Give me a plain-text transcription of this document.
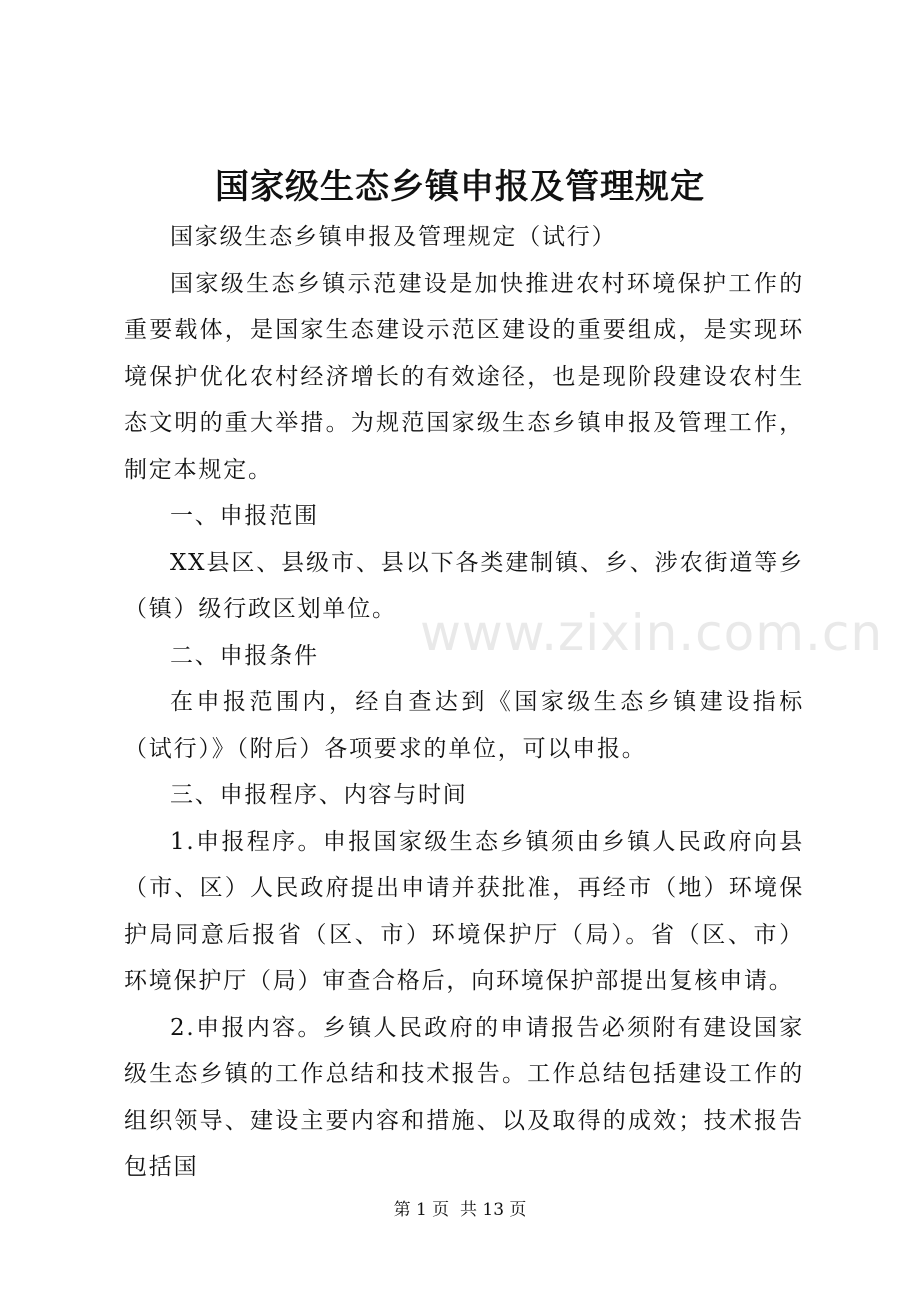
国家级生态乡镇申报及管理规定

国家级生态乡镇申报及管理规定（试行）

国家级生态乡镇示范建设是加快推进农村环境保护工作的重要载体，是国家生态建设示范区建设的重要组成，是实现环境保护优化农村经济增长的有效途径，也是现阶段建设农村生态文明的重大举措。为规范国家级生态乡镇申报及管理工作，制定本规定。

一、申报范围

XX县区、县级市、县以下各类建制镇、乡、涉农街道等乡（镇）级行政区划单位。

二、申报条件

在申报范围内，经自查达到《国家级生态乡镇建设指标（试行）》（附后）各项要求的单位，可以申报。

三、申报程序、内容与时间

1.申报程序。申报国家级生态乡镇须由乡镇人民政府向县（市、区）人民政府提出申请并获批准，再经市（地）环境保护局同意后报省（区、市）环境保护厅（局）。省（区、市）环境保护厅（局）审查合格后，向环境保护部提出复核申请。

2.申报内容。乡镇人民政府的申请报告必须附有建设国家级生态乡镇的工作总结和技术报告。工作总结包括建设工作的组织领导、建设主要内容和措施、以及取得的成效；技术报告包括国

www.zixin.com.cn
第 1 页  共 13 页
